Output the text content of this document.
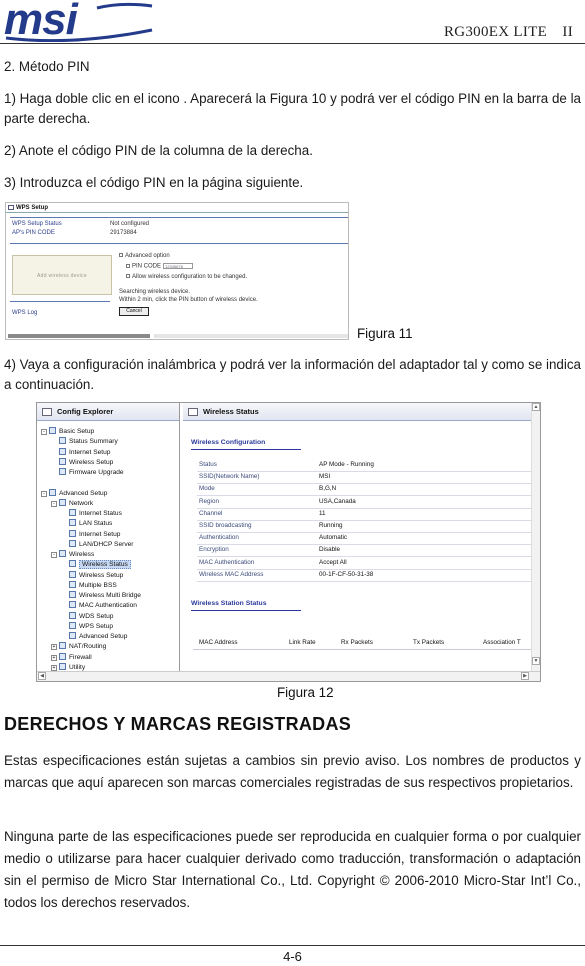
msi	RG300EX LITE　II
2. Método PIN
1) Haga doble clic en el icono . Aparecerá la Figura 10 y podrá ver el código PIN en la barra de la parte derecha.
2) Anote el código PIN de la columna de la derecha.
3) Introduzca el código PIN en la página siguiente.
WPS Setup
WPS Setup Status	Not configured
AP's PIN CODE	29173884
Add wireless device
Advanced option
PIN CODE 12345678
Allow wireless configuration to be changed.
Searching wireless device.
Within 2 min, click the PIN button of wireless device.
Cancel
WPS Log
Figura 11
4) Vaya a configuración inalámbrica y podrá ver la información del adaptador tal y como se indica a continuación.
Config Explorer
- Basic Setup
Status Summary
Internet Setup
Wireless Setup
Firmware Upgrade
- Advanced Setup
- Network
Internet Status
LAN Status
Internet Setup
LAN/DHCP Server
- Wireless
Wireless Status
Wireless Setup
Multiple BSS
Wireless Multi Bridge
MAC Authentication
WDS Setup
WPS Setup
Advanced Setup
+ NAT/Routing
+ Firewall
+ Utility
Wireless Status
Wireless Configuration
Status	AP Mode - Running
SSID(Network Name)	MSI
Mode	B,G,N
Region	USA,Canada
Channel	11
SSID broadcasting	Running
Authentication	Automatic
Encryption	Disable
MAC Authentication	Accept All
Wireless MAC Address	00-1F-CF-50-31-38
Wireless Station Status
MAC Address	Link Rate	Rx Packets	Tx Packets	Association T
▲
▼
◀	▶
Figura 12
DERECHOS Y MARCAS REGISTRADAS
Estas especificaciones están sujetas a cambios sin previo aviso. Los nombres de productos y marcas que aquí aparecen son marcas comerciales registradas de sus respectivos propietarios.
Ninguna parte de las especificaciones puede ser reproducida en cualquier forma o por cualquier medio o utilizarse para hacer cualquier derivado como traducción, transformación o adaptación sin el permiso de Micro Star International Co., Ltd. Copyright © 2006-2010 Micro-Star Int’l Co., todos los derechos reservados.
4-6
